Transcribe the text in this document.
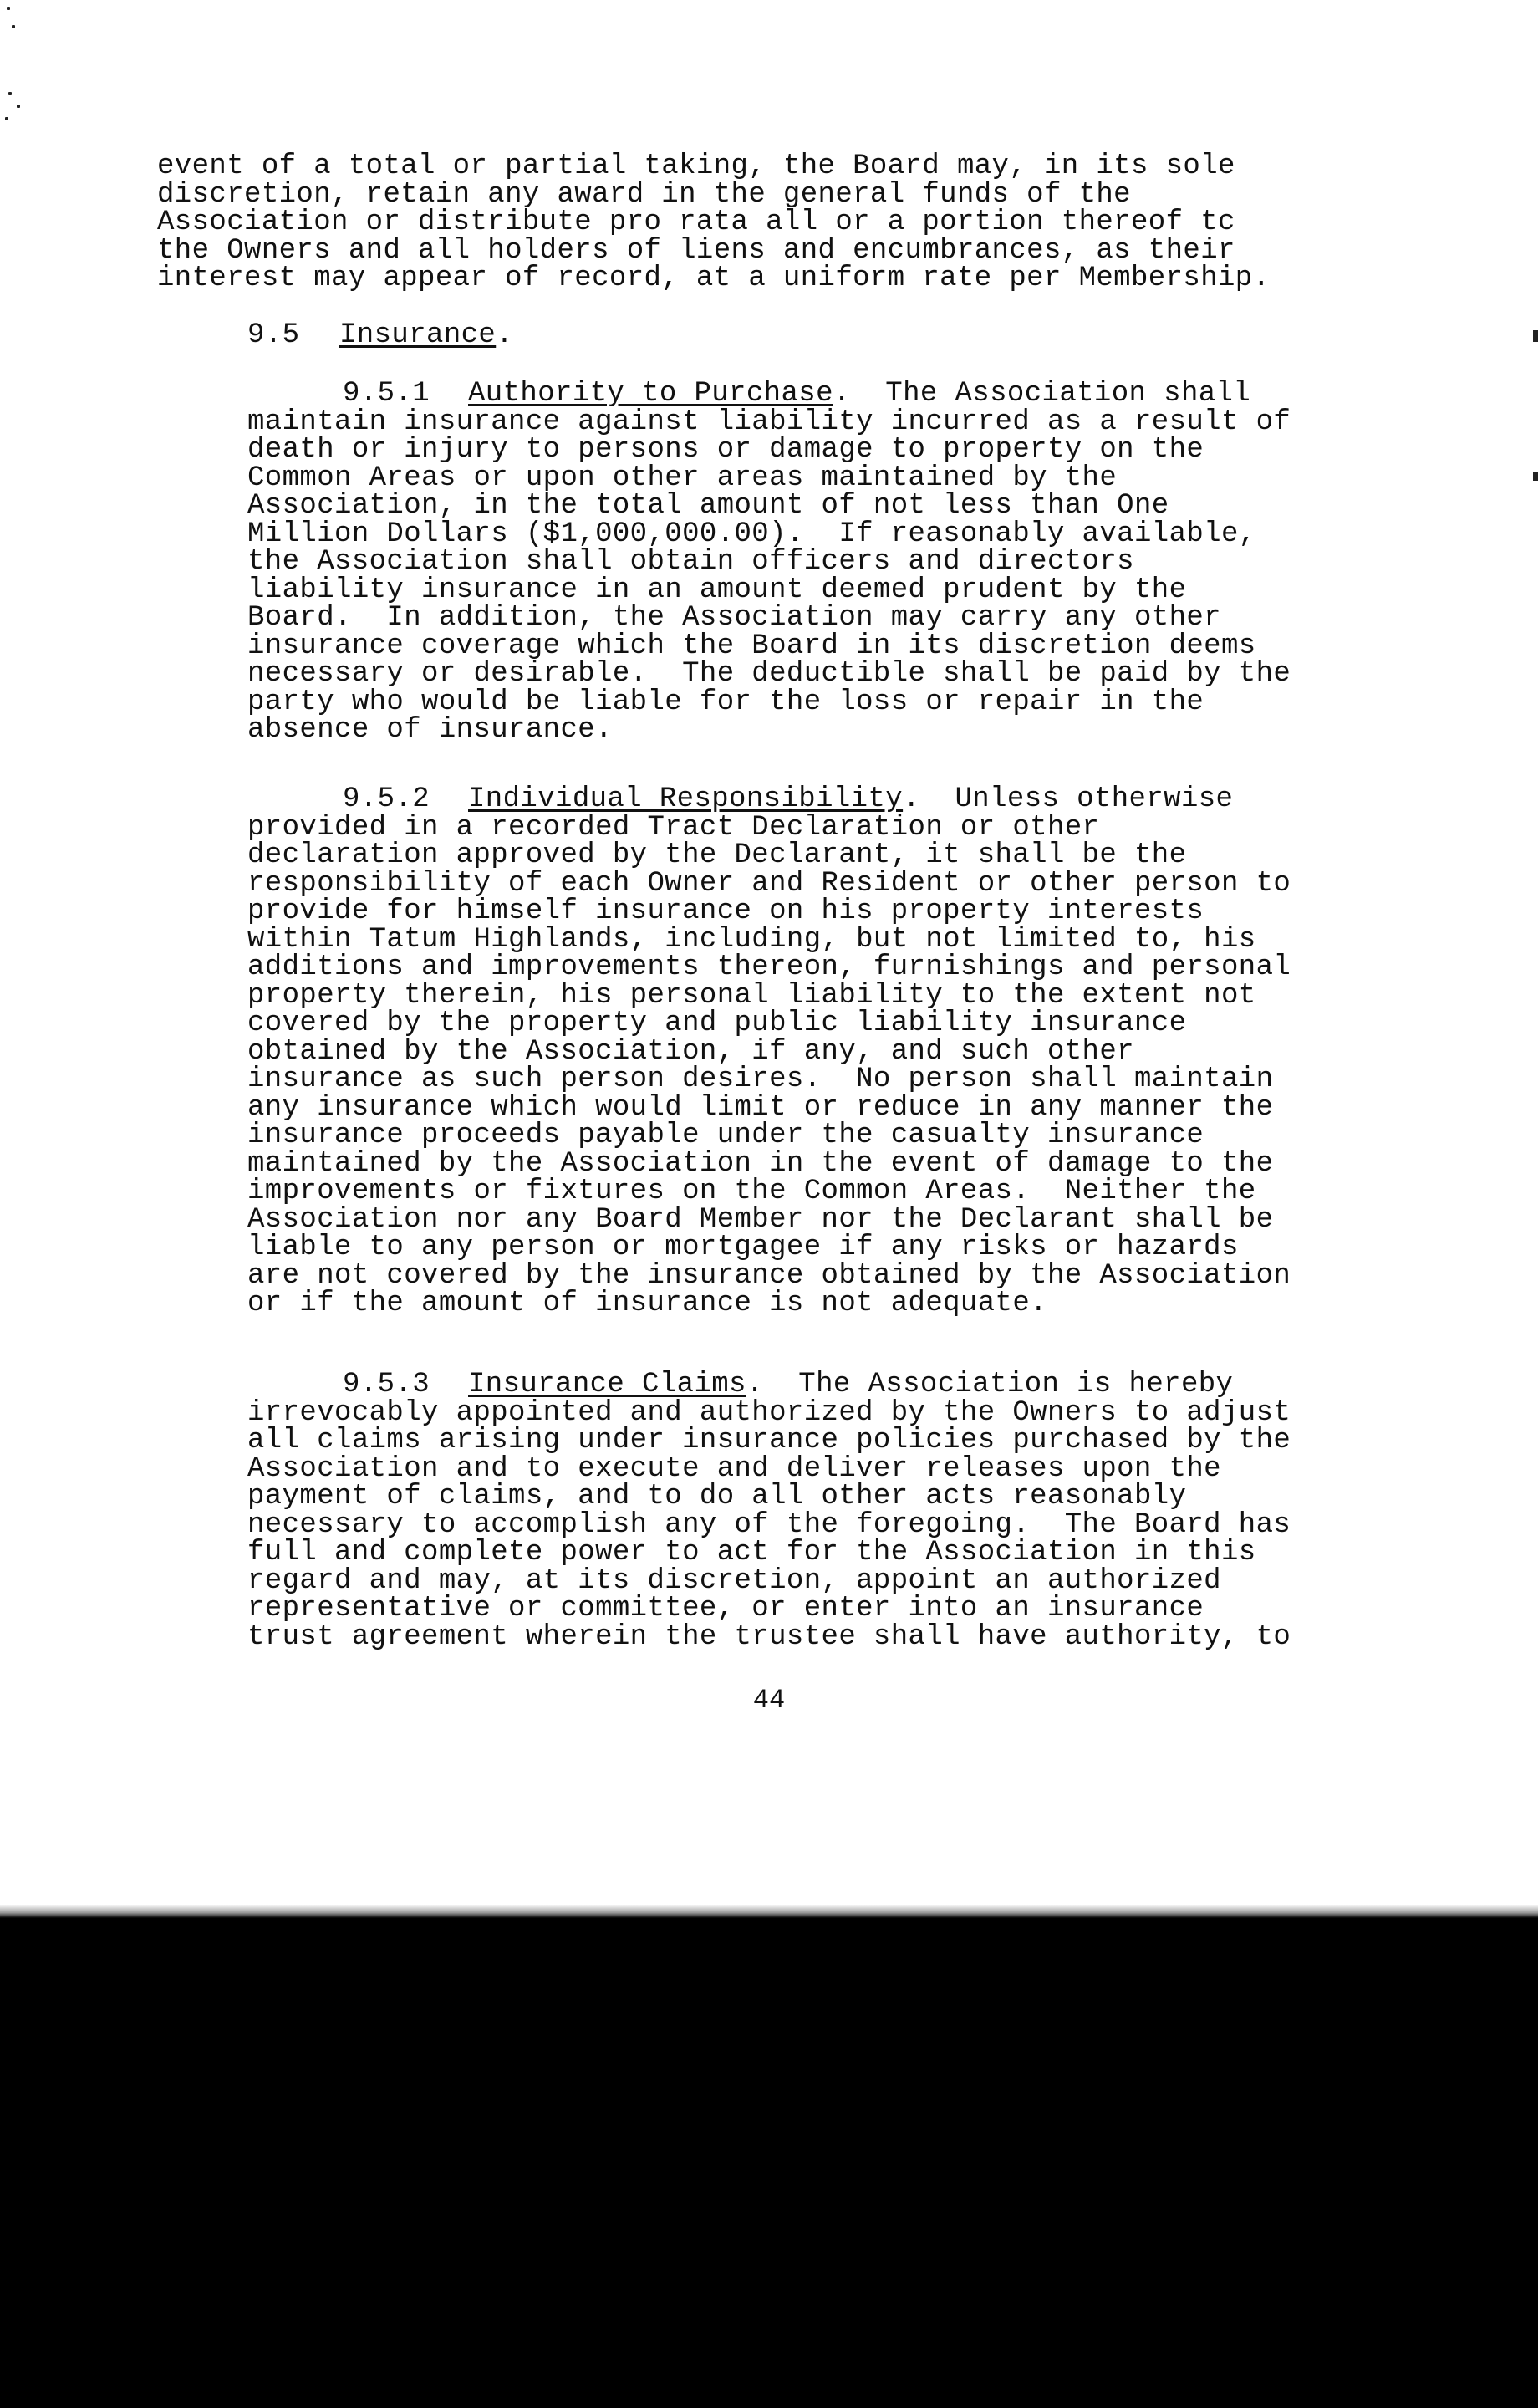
event of a total or partial taking, the Board may, in its sole
discretion, retain any award in the general funds of the
Association or distribute pro rata all or a portion thereof tc
the Owners and all holders of liens and encumbrances, as their
interest may appear of record, at a uniform rate per Membership.

9.5 Insurance.

9.5.1 Authority to Purchase.  The Association shall
maintain insurance against liability incurred as a result of
death or injury to persons or damage to property on the
Common Areas or upon other areas maintained by the
Association, in the total amount of not less than One
Million Dollars ($1,000,000.00).  If reasonably available,
the Association shall obtain officers and directors
liability insurance in an amount deemed prudent by the
Board.  In addition, the Association may carry any other
insurance coverage which the Board in its discretion deems
necessary or desirable.  The deductible shall be paid by the
party who would be liable for the loss or repair in the
absence of insurance.

9.5.2 Individual Responsibility.  Unless otherwise
provided in a recorded Tract Declaration or other
declaration approved by the Declarant, it shall be the
responsibility of each Owner and Resident or other person to
provide for himself insurance on his property interests
within Tatum Highlands, including, but not limited to, his
additions and improvements thereon, furnishings and personal
property therein, his personal liability to the extent not
covered by the property and public liability insurance
obtained by the Association, if any, and such other
insurance as such person desires.  No person shall maintain
any insurance which would limit or reduce in any manner the
insurance proceeds payable under the casualty insurance
maintained by the Association in the event of damage to the
improvements or fixtures on the Common Areas.  Neither the
Association nor any Board Member nor the Declarant shall be
liable to any person or mortgagee if any risks or hazards
are not covered by the insurance obtained by the Association
or if the amount of insurance is not adequate.

9.5.3 Insurance Claims.  The Association is hereby
irrevocably appointed and authorized by the Owners to adjust
all claims arising under insurance policies purchased by the
Association and to execute and deliver releases upon the
payment of claims, and to do all other acts reasonably
necessary to accomplish any of the foregoing.  The Board has
full and complete power to act for the Association in this
regard and may, at its discretion, appoint an authorized
representative or committee, or enter into an insurance
trust agreement wherein the trustee shall have authority, to

44
